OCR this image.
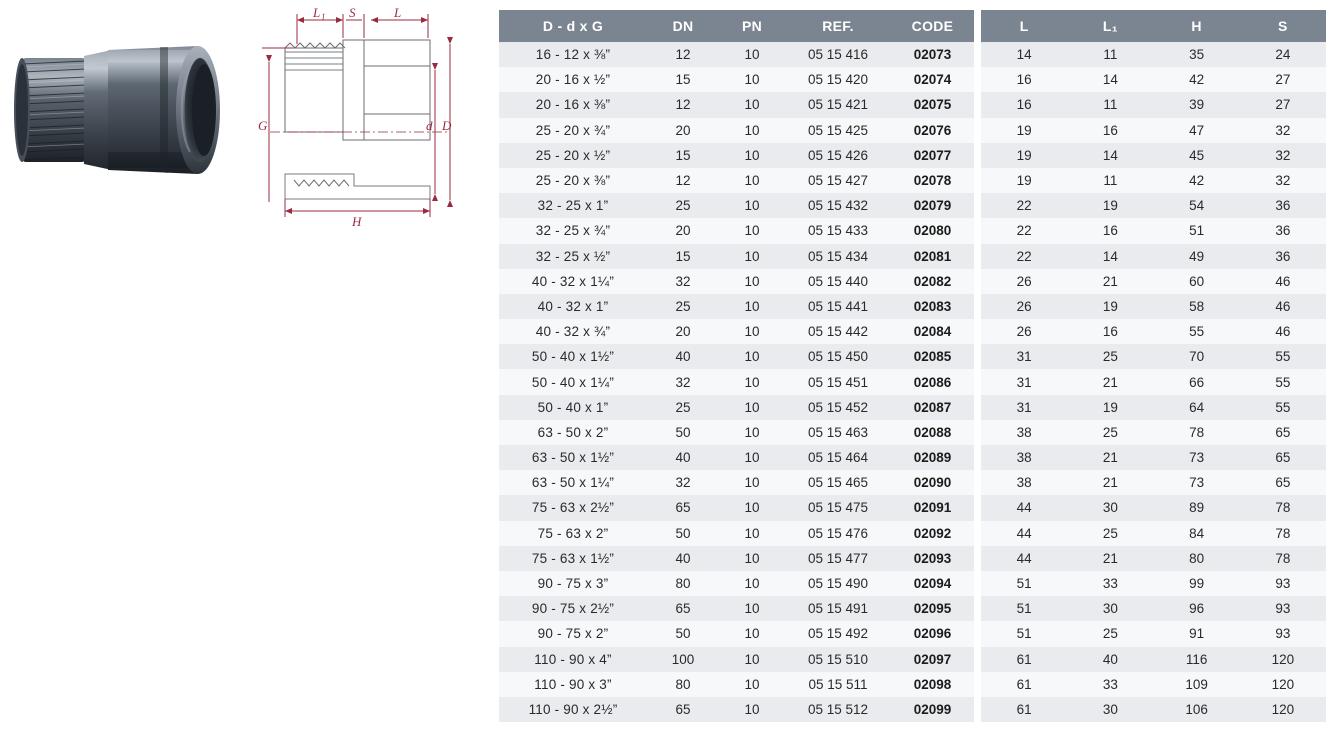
L 1 S	L
G	d D
H
D - d x G	DN	PN	REF.	CODE
16 - 12 x ⅜”	12	10	05 15 416	02073
20 - 16 x ½”	15	10	05 15 420	02074
20 - 16 x ⅜”	12	10	05 15 421	02075
25 - 20 x ¾”	20	10	05 15 425	02076
25 - 20 x ½”	15	10	05 15 426	02077
25 - 20 x ⅜”	12	10	05 15 427	02078
32 - 25 x 1”	25	10	05 15 432	02079
32 - 25 x ¾”	20	10	05 15 433	02080
32 - 25 x ½”	15	10	05 15 434	02081
40 - 32 x 1¼”	32	10	05 15 440	02082
40 - 32 x 1”	25	10	05 15 441	02083
40 - 32 x ¾”	20	10	05 15 442	02084
50 - 40 x 1½”	40	10	05 15 450	02085
50 - 40 x 1¼”	32	10	05 15 451	02086
50 - 40 x 1”	25	10	05 15 452	02087
63 - 50 x 2”	50	10	05 15 463	02088
63 - 50 x 1½”	40	10	05 15 464	02089
63 - 50 x 1¼”	32	10	05 15 465	02090
75 - 63 x 2½”	65	10	05 15 475	02091
75 - 63 x 2”	50	10	05 15 476	02092
75 - 63 x 1½”	40	10	05 15 477	02093
90 - 75 x 3”	80	10	05 15 490	02094
90 - 75 x 2½”	65	10	05 15 491	02095
90 - 75 x 2”	50	10	05 15 492	02096
110 - 90 x 4”	100	10	05 15 510	02097
110 - 90 x 3”	80	10	05 15 511	02098
110 - 90 x 2½”	65	10	05 15 512	02099
L	L₁	H	S
14	11	35	24
16	14	42	27
16	11	39	27
19	16	47	32
19	14	45	32
19	11	42	32
22	19	54	36
22	16	51	36
22	14	49	36
26	21	60	46
26	19	58	46
26	16	55	46
31	25	70	55
31	21	66	55
31	19	64	55
38	25	78	65
38	21	73	65
38	21	73	65
44	30	89	78
44	25	84	78
44	21	80	78
51	33	99	93
51	30	96	93
51	25	91	93
61	40	116	120
61	33	109	120
61	30	106	120
